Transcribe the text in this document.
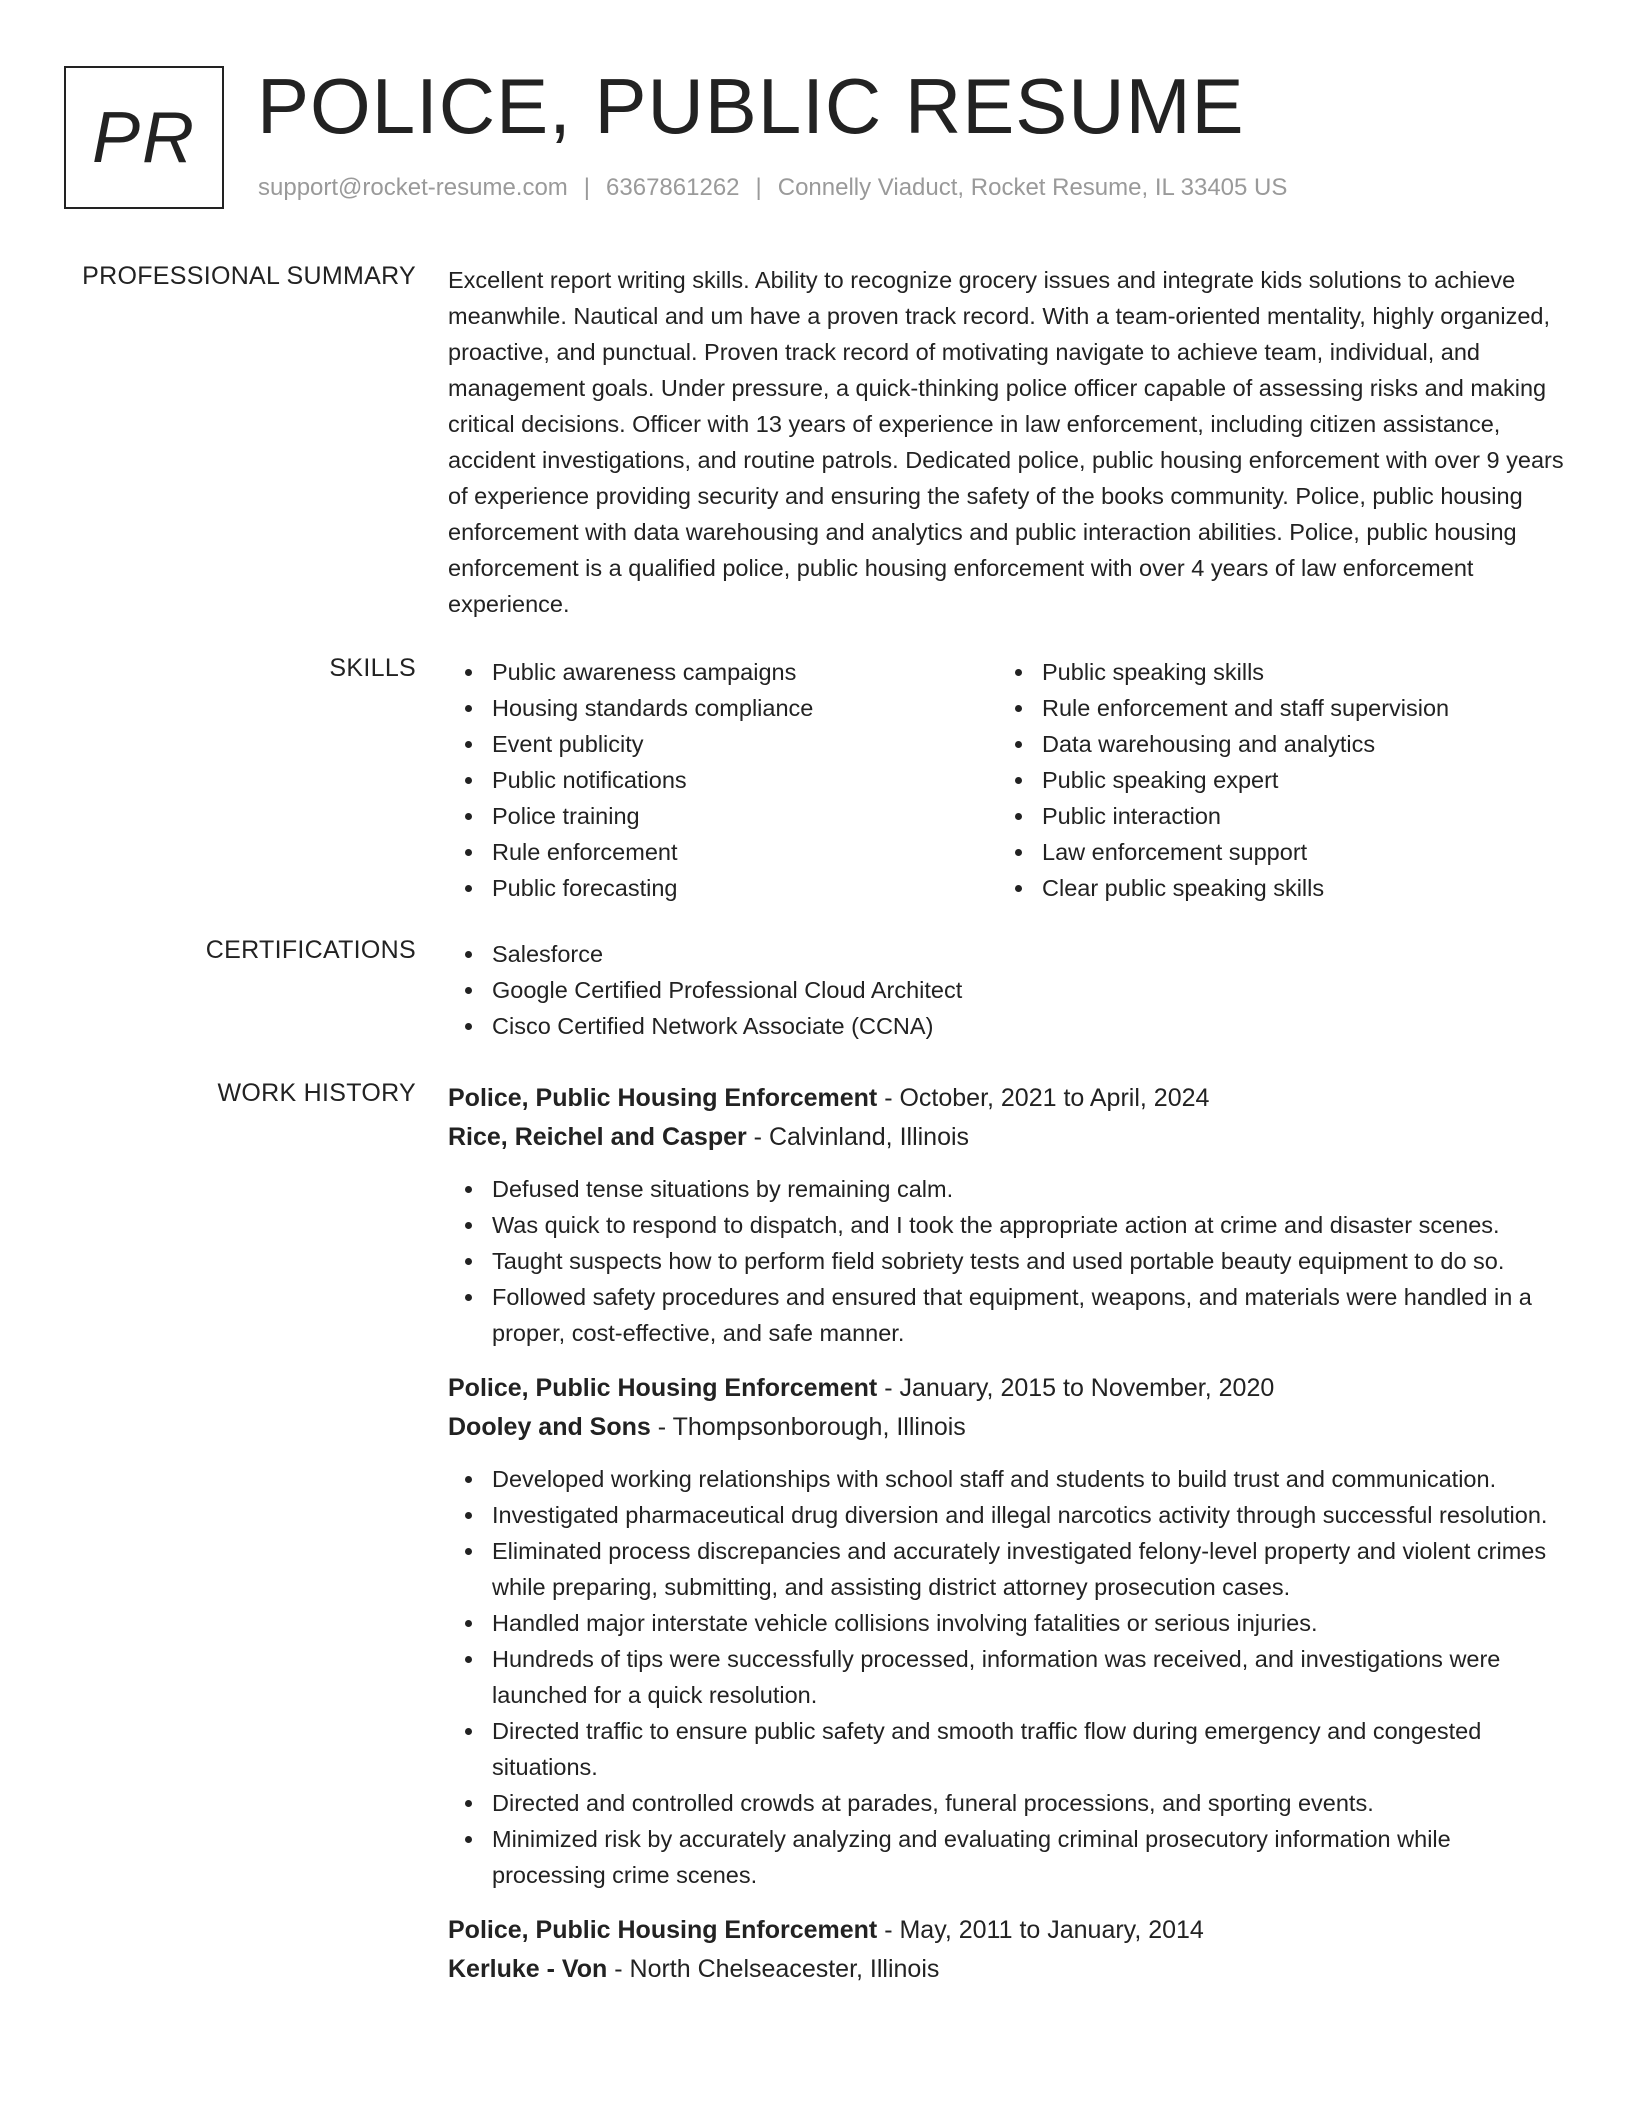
PR POLICE, PUBLIC RESUME
support@rocket-resume.com | 6367861262 | Connelly Viaduct, Rocket Resume, IL 33405 US
PROFESSIONAL SUMMARY Excellent report writing skills. Ability to recognize grocery issues and integrate kids solutions to achieve meanwhile. Nautical and um have a proven track record. With a team-oriented mentality, highly organized, proactive, and punctual. Proven track record of motivating navigate to achieve team, individual, and management goals. Under pressure, a quick-thinking police officer capable of assessing risks and making critical decisions. Officer with 13 years of experience in law enforcement, including citizen assistance, accident investigations, and routine patrols. Dedicated police, public housing enforcement with over 9 years of experience providing security and ensuring the safety of the books community. Police, public housing enforcement with data warehousing and analytics and public interaction abilities. Police, public housing enforcement is a qualified police, public housing enforcement with over 4 years of law enforcement experience.

SKILLS	Public awareness campaigns
Housing standards compliance
Event publicity
Public notifications
Police training
Rule enforcement
Public forecasting
Public speaking skills
Rule enforcement and staff supervision
Data warehousing and analytics
Public speaking expert
Public interaction
Law enforcement support
Clear public speaking skills
CERTIFICATIONS	Salesforce
Google Certified Professional Cloud Architect
Cisco Certified Network Associate (CCNA)
WORK HISTORY Police, Public Housing Enforcement - October, 2021 to April, 2024
Rice, Reichel and Casper - Calvinland, Illinois
Defused tense situations by remaining calm.
Was quick to respond to dispatch, and I took the appropriate action at crime and disaster scenes.
Taught suspects how to perform field sobriety tests and used portable beauty equipment to do so.
Followed safety procedures and ensured that equipment, weapons, and materials were handled in a proper, cost-effective, and safe manner.
Police, Public Housing Enforcement - January, 2015 to November, 2020
Dooley and Sons - Thompsonborough, Illinois
Developed working relationships with school staff and students to build trust and communication.
Investigated pharmaceutical drug diversion and illegal narcotics activity through successful resolution.
Eliminated process discrepancies and accurately investigated felony-level property and violent crimes while preparing, submitting, and assisting district attorney prosecution cases.
Handled major interstate vehicle collisions involving fatalities or serious injuries.
Hundreds of tips were successfully processed, information was received, and investigations were launched for a quick resolution.
Directed traffic to ensure public safety and smooth traffic flow during emergency and congested situations.
Directed and controlled crowds at parades, funeral processions, and sporting events.
Minimized risk by accurately analyzing and evaluating criminal prosecutory information while processing crime scenes.
Police, Public Housing Enforcement - May, 2011 to January, 2014
Kerluke - Von - North Chelseacester, Illinois
